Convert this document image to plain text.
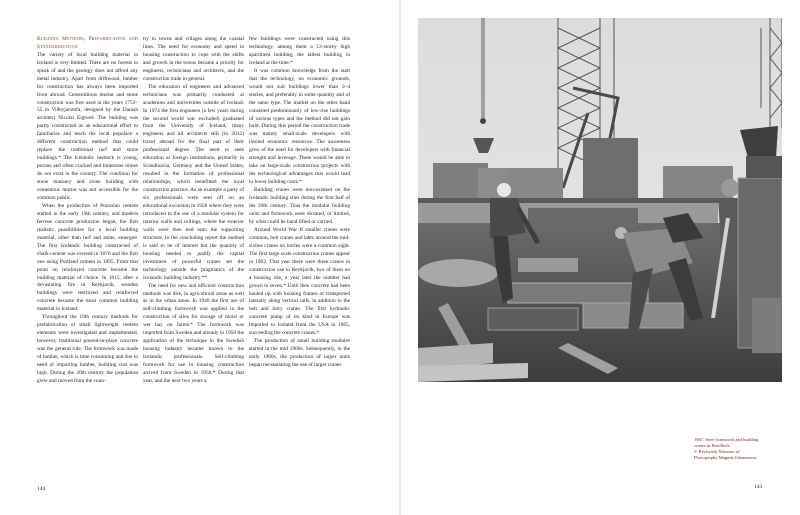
Building Methods, Prefabrication and Standardization

The variety of local building material in Iceland is very limited. There are no forests to speak of and the geology does not afford any metal industry. Apart from driftwood, lumber for construction has always been imported from abroad. Cementitious mortar and stone construction was first used in the years 1753–55 in Viðeyjarstofa, designed by the Danish architect Nicolai Eigtved. The building was partly constructed as an educational effort to familiarise and teach the local populace a different construction method that could replace the traditional turf and stone buildings.* The Icelandic bedrock is young, porous and often cracked and limestone mines do not exist in the country. The condition for stone masonry and stone building with cementous mortar was not accessible for the common public.

When the production of Pozzolan cement started in the early 19th century, and modern ferrous concrete production began, the first realistic possibilities for a local building material, other than turf and stone, emerged. The first Icelandic building constructed of chalk-cement was erected in 1876 and the first one using Portland cement in 1895. From that point on reinforced concrete became the building material of choice. In 1915, after a devastating fire in Reykjavík, wooden buildings were restricted and reinforced concrete became the most common building material in Iceland.

Throughout the 19th century methods for prefabrication of small lightweight cement elements were investigated and implemented, however, traditional poured-in-place concrete was the general rule. The formwork was made of lumber, which is time consuming and due to need of importing lumber, building cost was high. During the 20th century the population grew and moved from the coun-

try to towns and villages along the coastal lines. The need for economy and speed in housing construction to cope with the shifts and growth in the towns became a priority for engineers, technicians and architects, and the construction trade in general.

The education of engineers and advanced technicians was primarily conducted at academies and universities outside of Iceland. In 1974 the first engineers (a few years during the second world war excluded) graduated from the University of Iceland, many engineers and all architects still (in 2012) travel abroad for the final part of their professional degree. The need to seek education at foreign institutions, primarily in Scandinavia, Germany and the United States, resulted in the formation of professional relationships, which benefitted the local construction practice. As an example a party of six professionals were sent off on an educational excursion in 1958 where they were introduced to the use of a modular system for interior walls and ceilings, where the exterior walls were then tied onto the supporting structure. In the concluding report the method is said to be of interest but the quantity of housing needed to justify the capital investment of powerful cranes set the technology outside the pragmatics of the Icelandic building industry.**

The need for new and efficient construction methods was dire, in agricultural areas as well as in the urban areas. In 1940 the first use of self-climbing formwork was applied in the construction of silos for storage of moist or wet hay on farms.* The formwork was imported from Sweden and already in 1950 the application of the technique in the Swedish housing industry became known to the Icelandic professionals. Self-climbing formwork for use in housing construction arrived from Sweden in 1956.* During that year, and the next two years a

few buildings were constructed using this technology, among them a 12-storey high apartment building, the tallest building in Iceland at the time.*

It was common knowledge from the start that the technology, on economic grounds, would not suit buildings lower than 3–4 stories, and preferably in some quantity and of the same type. The market on the other hand consisted predominantly of low-rise buildings of various types and the method did not gain hold. During this period the construction trade was mainly small-scale developers with limited economic resources. The awareness grew of the need for developers with financial strength and leverage. These would be able to take on large-scale construction projects with the technological advantages that would lead to lower building costs.*

Building cranes were non-existent on the Icelandic building sites during the first half of the 20th century. Thus the modular building units and formwork were dictated, or limited, by what could be hand lifted or carried.

Around World War II smaller cranes were common, belt cranes and later, around the mid-sixties cranes on lorries were a common sight. The first large scale construction cranes appear in 1962. That year there were three cranes in construction use in Reykjavík, two of them on a housing site, a year later the number had grown to seven.* Until then concrete had been hauled up with hoisting frames or transported laterally along vertical rails, in addition to the belt and lorry cranes. The first hydraulic concrete pump of its kind in Europe was imported to Iceland from the USA in 1965, succeeding the concrete cranes.*

The production of small building modules started in the mid 1960s. Subsequently, in the early 1960s, the production of larger units began necessitating the use of larger cranes

144
1967. Steel formwork and building
cranes in Breiðholt.
© Reykjavík Museum of
Photography/Magnús Jóhannsson.
143
